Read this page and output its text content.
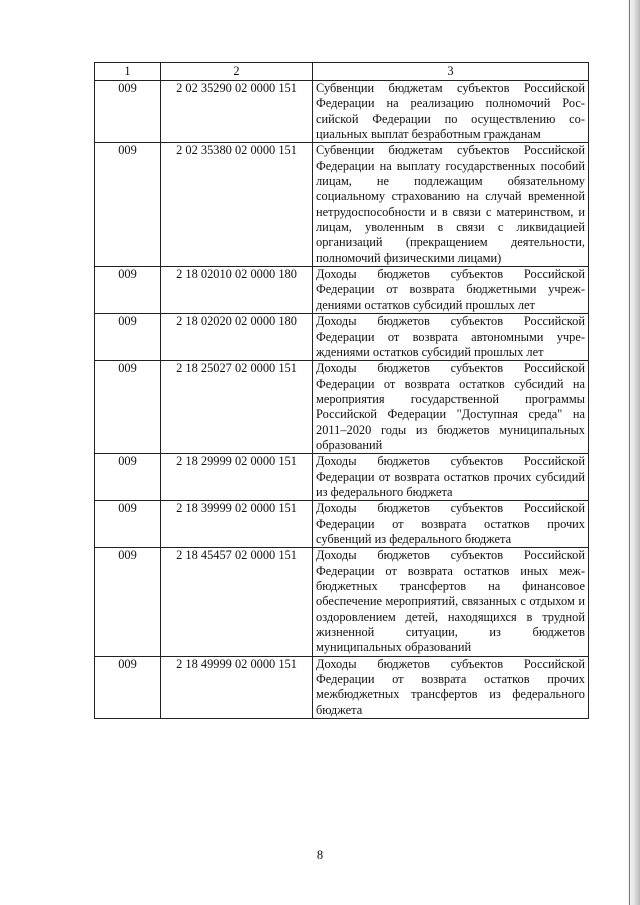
1	2	3
009	2 02 35290 02 0000 151	Субвенции бюджетам субъектов Российской Федерации на реализацию полномочий Российской Федерации по осуществлению социальных выплат безработным гражданам
009	2 02 35380 02 0000 151	Субвенции бюджетам субъектов Российской Федерации на выплату государственных пособий лицам, не подлежащим обязательному социальному страхованию на случай временной нетрудоспособности и в связи с материнством, и лицам, уволенным в связи с ликвидацией организаций (прекращением деятельности, полномочий физическими лицами)
009	2 18 02010 02 0000 180	Доходы бюджетов субъектов Российской Федерации от возврата бюджетными учреждениями остатков субсидий прошлых лет
009	2 18 02020 02 0000 180	Доходы бюджетов субъектов Российской Федерации от возврата автономными учреждениями остатков субсидий прошлых лет
009	2 18 25027 02 0000 151	Доходы бюджетов субъектов Российской Федерации от возврата остатков субсидий на мероприятия государственной программы Российской Федерации "Доступная среда" на 2011–2020 годы из бюджетов муниципальных образований
009	2 18 29999 02 0000 151	Доходы бюджетов субъектов Российской Федерации от возврата остатков прочих субсидий из федерального бюджета
009	2 18 39999 02 0000 151	Доходы бюджетов субъектов Российской Федерации от возврата остатков прочих субвенций из федерального бюджета
009	2 18 45457 02 0000 151	Доходы бюджетов субъектов Российской Федерации от возврата остатков иных межбюджетных трансфертов на финансовое обеспечение мероприятий, связанных с отдыхом и оздоровлением детей, находящихся в трудной жизненной ситуации, из бюджетов муниципальных образований
009	2 18 49999 02 0000 151	Доходы бюджетов субъектов Российской Федерации от возврата остатков прочих межбюджетных трансфертов из федерального бюджета
8
